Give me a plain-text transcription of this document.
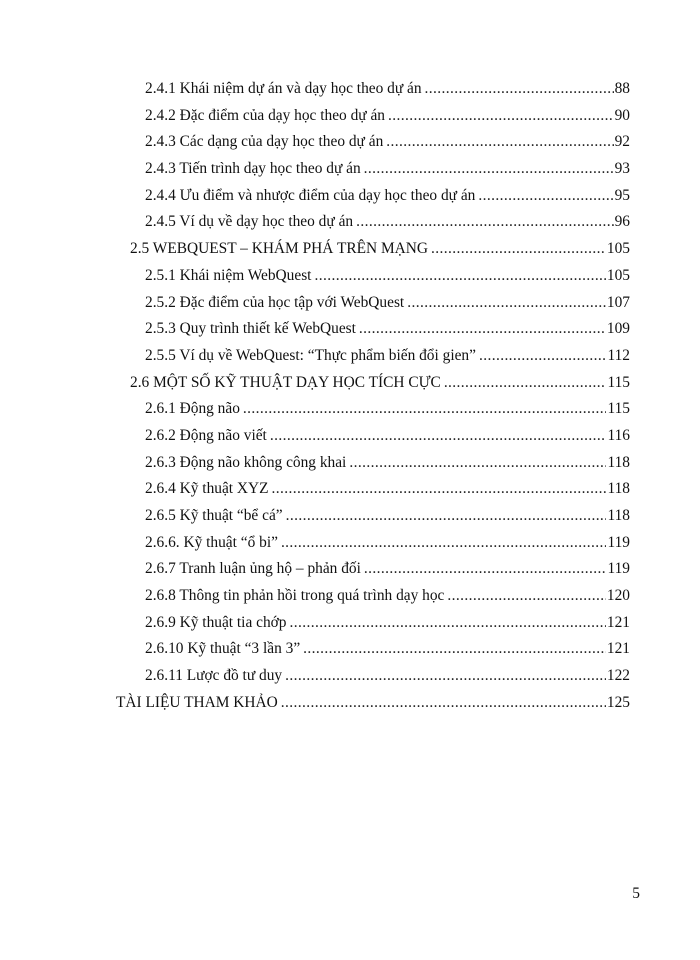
2.4.1 Khái niệm dự án và dạy học theo dự án .....	88
2.4.2 Đặc điểm của dạy học theo dự án .....	90
2.4.3 Các dạng của dạy học theo dự án .....	92
2.4.3 Tiến trình dạy học theo dự án .....	93
2.4.4 Ưu điểm và nhược điểm của dạy học theo dự án .....	95
2.4.5 Ví dụ về dạy học theo dự án .....	96
2.5 WEBQUEST – KHÁM PHÁ TRÊN MẠNG .....	105
2.5.1 Khái niệm WebQuest .....	105
2.5.2 Đặc điểm của học tập với WebQuest .....	107
2.5.3 Quy trình thiết kế WebQuest .....	109
2.5.5 Ví dụ về WebQuest: “Thực phẩm biến đổi gien” .....	112
2.6 MỘT SỐ KỸ THUẬT DẠY HỌC TÍCH CỰC .....	115
2.6.1 Động não .....	115
2.6.2 Động não viết .....	116
2.6.3 Động não không công khai .....	118
2.6.4 Kỹ thuật XYZ .....	118
2.6.5 Kỹ thuật “bể cá” .....	118
2.6.6. Kỹ thuật “ổ bi” .....	119
2.6.7 Tranh luận ủng hộ – phản đối .....	119
2.6.8 Thông tin phản hồi trong quá trình dạy học .....	120
2.6.9 Kỹ thuật tia chớp .....	121
2.6.10 Kỹ thuật “3 lần 3” .....	121
2.6.11 Lược đồ tư duy .....	122
TÀI LIỆU THAM KHẢO .....	125
5
